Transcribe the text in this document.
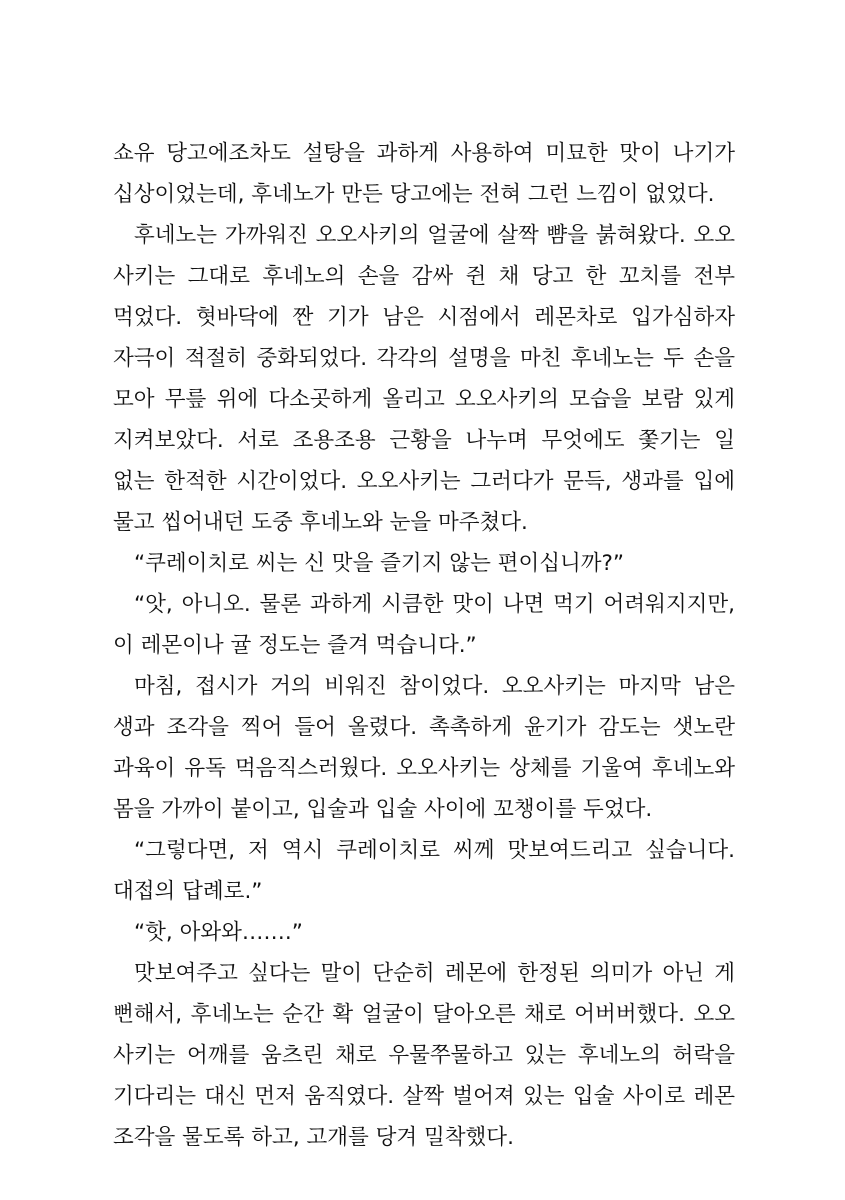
쇼유 당고에조차도 설탕을 과하게 사용하여 미묘한 맛이 나기가
십상이었는데, 후네노가 만든 당고에는 전혀 그런 느낌이 없었다.
후네노는 가까워진 오오사키의 얼굴에 살짝 뺨을 붉혀왔다. 오오
사키는 그대로 후네노의 손을 감싸 쥔 채 당고 한 꼬치를 전부
먹었다. 혓바닥에 짠 기가 남은 시점에서 레몬차로 입가심하자
자극이 적절히 중화되었다. 각각의 설명을 마친 후네노는 두 손을
모아 무릎 위에 다소곳하게 올리고 오오사키의 모습을 보람 있게
지켜보았다. 서로 조용조용 근황을 나누며 무엇에도 쫓기는 일
없는 한적한 시간이었다. 오오사키는 그러다가 문득, 생과를 입에
물고 씹어내던 도중 후네노와 눈을 마주쳤다.
“쿠레이치로 씨는 신 맛을 즐기지 않는 편이십니까?”
“앗, 아니오. 물론 과하게 시큼한 맛이 나면 먹기 어려워지지만,
이 레몬이나 귤 정도는 즐겨 먹습니다.”
마침, 접시가 거의 비워진 참이었다. 오오사키는 마지막 남은
생과 조각을 찍어 들어 올렸다. 촉촉하게 윤기가 감도는 샛노란
과육이 유독 먹음직스러웠다. 오오사키는 상체를 기울여 후네노와
몸을 가까이 붙이고, 입술과 입술 사이에 꼬챙이를 두었다.
“그렇다면, 저 역시 쿠레이치로 씨께 맛보여드리고 싶습니다.
대접의 답례로.”
“핫, 아와와…….”
맛보여주고 싶다는 말이 단순히 레몬에 한정된 의미가 아닌 게
뻔해서, 후네노는 순간 확 얼굴이 달아오른 채로 어버버했다. 오오
사키는 어깨를 움츠린 채로 우물쭈물하고 있는 후네노의 허락을
기다리는 대신 먼저 움직였다. 살짝 벌어져 있는 입술 사이로 레몬
조각을 물도록 하고, 고개를 당겨 밀착했다.
